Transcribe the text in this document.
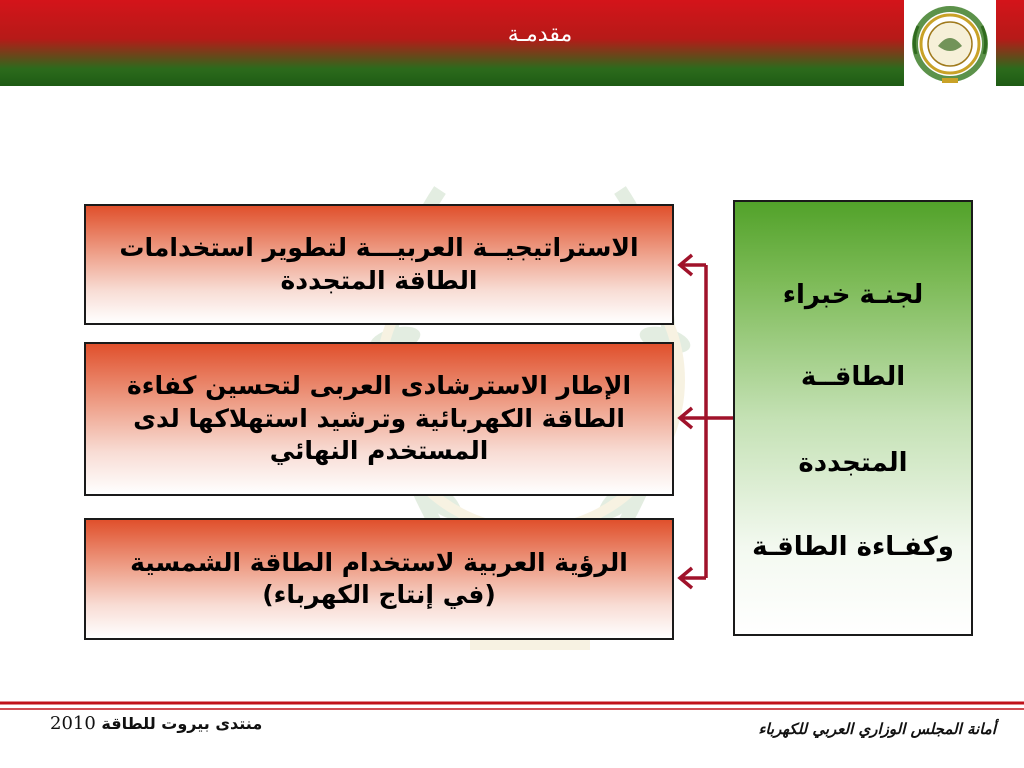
مقدمـة
الاستراتيجيــة العربيـــة لتطوير استخدامات الطاقة المتجددة
الإطار الاسترشادى العربى لتحسين كفاءة الطاقة الكهربائية وترشيد استهلاكها لدى المستخدم النهائي
الرؤية العربية لاستخدام الطاقة الشمسية (في إنتاج الكهرباء)
لجنـة خبراء
الطاقــة
المتجددة
وكفـاءة الطاقـة
2010 منتدى بيروت للطاقة	أمانة المجلس الوزاري العربي للكهرباء
